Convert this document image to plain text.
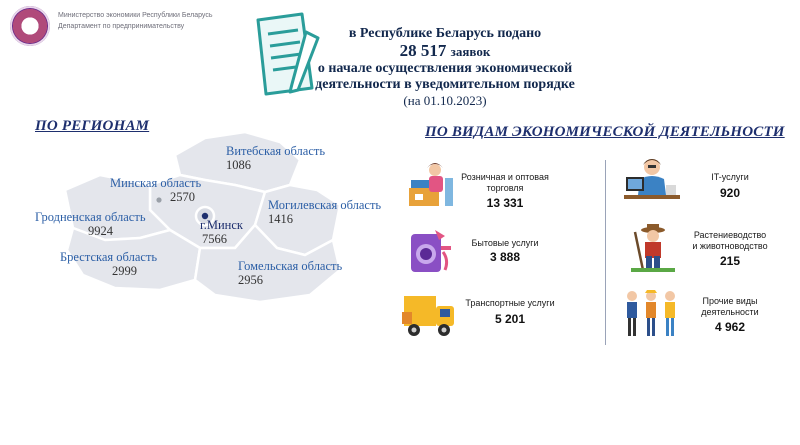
Министерство экономики Республики Беларусь
Департамент по предпринимательству	в Республике Беларусь подано
28 517 заявок
о начале осуществления экономической
деятельности в уведомительном порядке
(на 01.10.2023)
ПО РЕГИОНАМ
Витебская область
1086
Минская область
2570
Могилевская область
1416
Гродненская область
9924	г.Минск
7566
Брестская область
2999	Гомельская область
2956
ПО ВИДАМ ЭКОНОМИЧЕСКОЙ ДЕЯТЕЛЬНОСТИ
Розничная и оптовая
торговля
13 331
Бытовые услуги
3 888
Транспортные услуги
5 201
IT-услуги
920
Растениеводство
и животноводство
215
Прочие виды
деятельности
4 962
